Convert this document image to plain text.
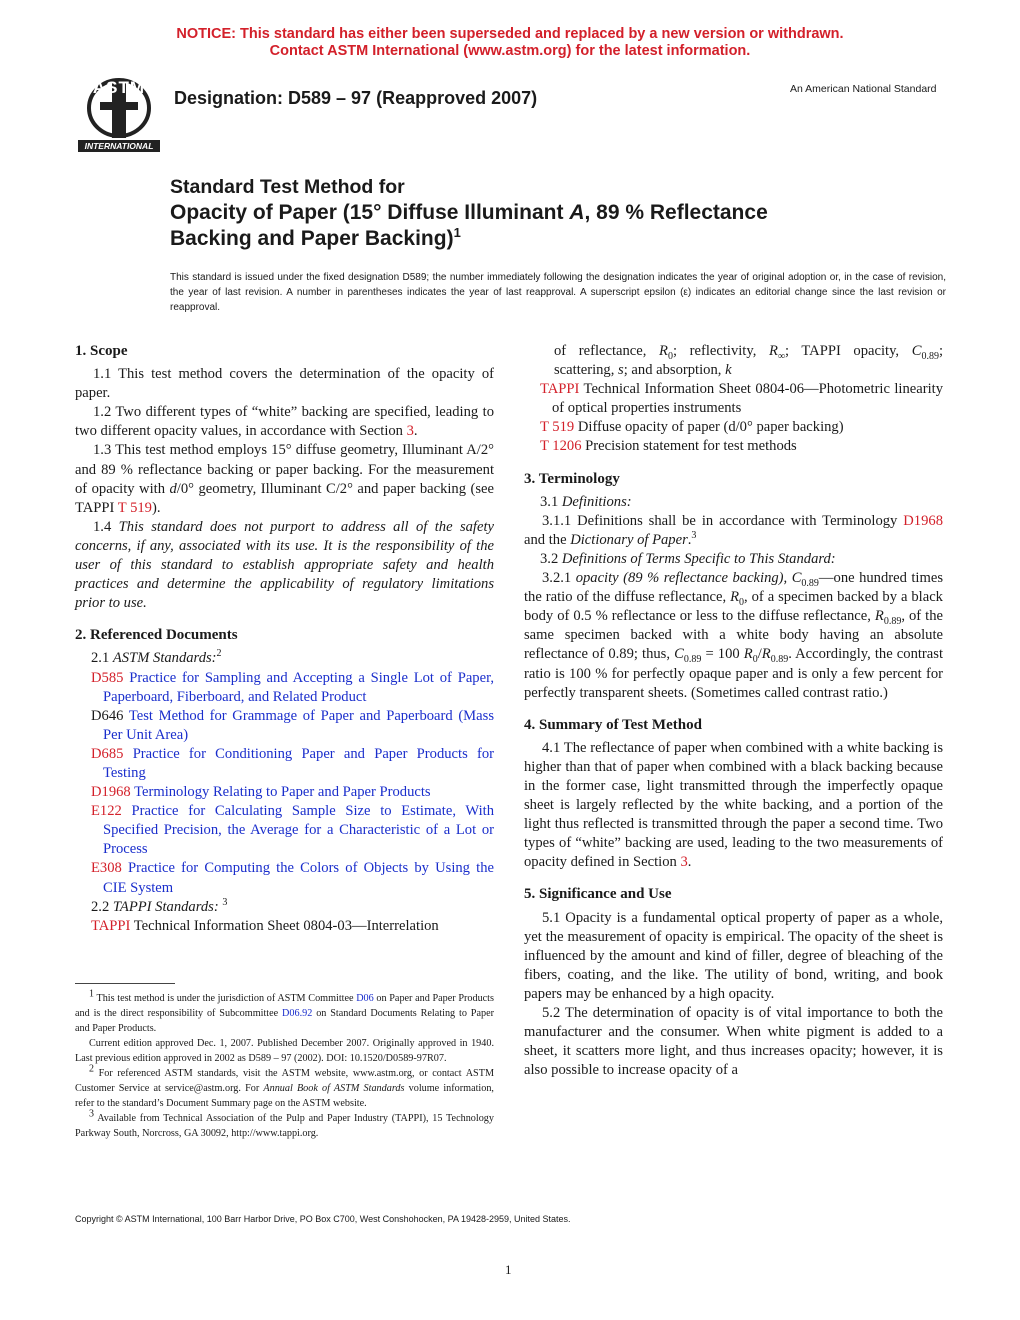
NOTICE: This standard has either been superseded and replaced by a new version or withdrawn.
Contact ASTM International (www.astm.org) for the latest information.
ASTM
INTERNATIONAL
Designation: D589 – 97 (Reapproved 2007)	An American National Standard
Standard Test Method for
Opacity of Paper (15° Diffuse Illuminant A, 89 % Reflectance
Backing and Paper Backing)$^1$
This standard is issued under the fixed designation D589; the number immediately following the designation indicates the year of original adoption or, in the case of revision, the year of last revision. A number in parentheses indicates the year of last reapproval. A superscript epsilon (ε) indicates an editorial change since the last revision or reapproval.
1. Scope

1.1 This test method covers the determination of the opacity of paper.

1.2 Two different types of “white” backing are specified, leading to two different opacity values, in accordance with Section 3.

1.3 This test method employs 15° diffuse geometry, Illuminant A/2° and 89 % reflectance backing or paper backing. For the measurement of opacity with d/0° geometry, Illuminant C/2° and paper backing (see TAPPI T 519).

1.4 This standard does not purport to address all of the safety concerns, if any, associated with its use. It is the responsibility of the user of this standard to establish appropriate safety and health practices and determine the applicability of regulatory limitations prior to use.

2. Referenced Documents

2.1 ASTM Standards:$^2$

D585 Practice for Sampling and Accepting a Single Lot of Paper, Paperboard, Fiberboard, and Related Product

D646 Test Method for Grammage of Paper and Paperboard (Mass Per Unit Area)

D685 Practice for Conditioning Paper and Paper Products for Testing

D1968 Terminology Relating to Paper and Paper Products

E122 Practice for Calculating Sample Size to Estimate, With Specified Precision, the Average for a Characteristic of a Lot or Process

E308 Practice for Computing the Colors of Objects by Using the CIE System

2.2 TAPPI Standards: $^3$

TAPPI Technical Information Sheet 0804-03—Interrelation

of reflectance, $R_0$; reflectivity, $R_\infty$; TAPPI opacity, $C_{0.89}$; scattering, s; and absorption, k

TAPPI Technical Information Sheet 0804-06—Photometric linearity of optical properties instruments

T 519 Diffuse opacity of paper (d/0° paper backing)

T 1206 Precision statement for test methods

3. Terminology

3.1 Definitions:

3.1.1 Definitions shall be in accordance with Terminology D1968 and the Dictionary of Paper.$^3$

3.2 Definitions of Terms Specific to This Standard:

3.2.1 opacity (89 % reflectance backing), $C_{0.89}—one$ hundred times the ratio of the diffuse reflectance, $R_0$, of a specimen backed by a black body of 0.5 % reflectance or less to the diffuse reflectance, $R_{0.89}$, of the same specimen backed with a white body having an absolute reflectance of 0.89; thus, $C_{0.89} = 100$ $R_0/R_{0.89}$. Accordingly, the contrast ratio is 100 % for perfectly opaque paper and is only a few percent for perfectly transparent sheets. (Sometimes called contrast ratio.)

4. Summary of Test Method

4.1 The reflectance of paper when combined with a white backing is higher than that of paper when combined with a black backing because in the former case, light transmitted through the imperfectly opaque sheet is largely reflected by the white backing, and a portion of the light thus reflected is transmitted through the paper a second time. Two types of “white” backing are used, leading to the two measurements of opacity defined in Section 3.

5. Significance and Use

5.1 Opacity is a fundamental optical property of paper as a whole, yet the measurement of opacity is empirical. The opacity of the sheet is influenced by the amount and kind of filler, degree of bleaching of the fibers, coating, and the like. The utility of bond, writing, and book papers may be enhanced by a high opacity.

5.2 The determination of opacity is of vital importance to both the manufacturer and the consumer. When white pigment is added to a sheet, it scatters more light, and thus increases opacity; however, it is also possible to increase opacity of a

$^1$ This test method is under the jurisdiction of ASTM Committee D06 on Paper and Paper Products and is the direct responsibility of Subcommittee D06.92 on Standard Documents Relating to Paper and Paper Products.

Current edition approved Dec. 1, 2007. Published December 2007. Originally approved in 1940. Last previous edition approved in 2002 as D589 – 97 (2002). DOI: 10.1520/D0589-97R07.

$^2$ For referenced ASTM standards, visit the ASTM website, www.astm.org, or contact ASTM Customer Service at service@astm.org. For Annual Book of ASTM Standards volume information, refer to the standard’s Document Summary page on the ASTM website.

$^3$ Available from Technical Association of the Pulp and Paper Industry (TAPPI), 15 Technology Parkway South, Norcross, GA 30092, http://www.tappi.org.

Copyright © ASTM International, 100 Barr Harbor Drive, PO Box C700, West Conshohocken, PA 19428-2959, United States.
1
